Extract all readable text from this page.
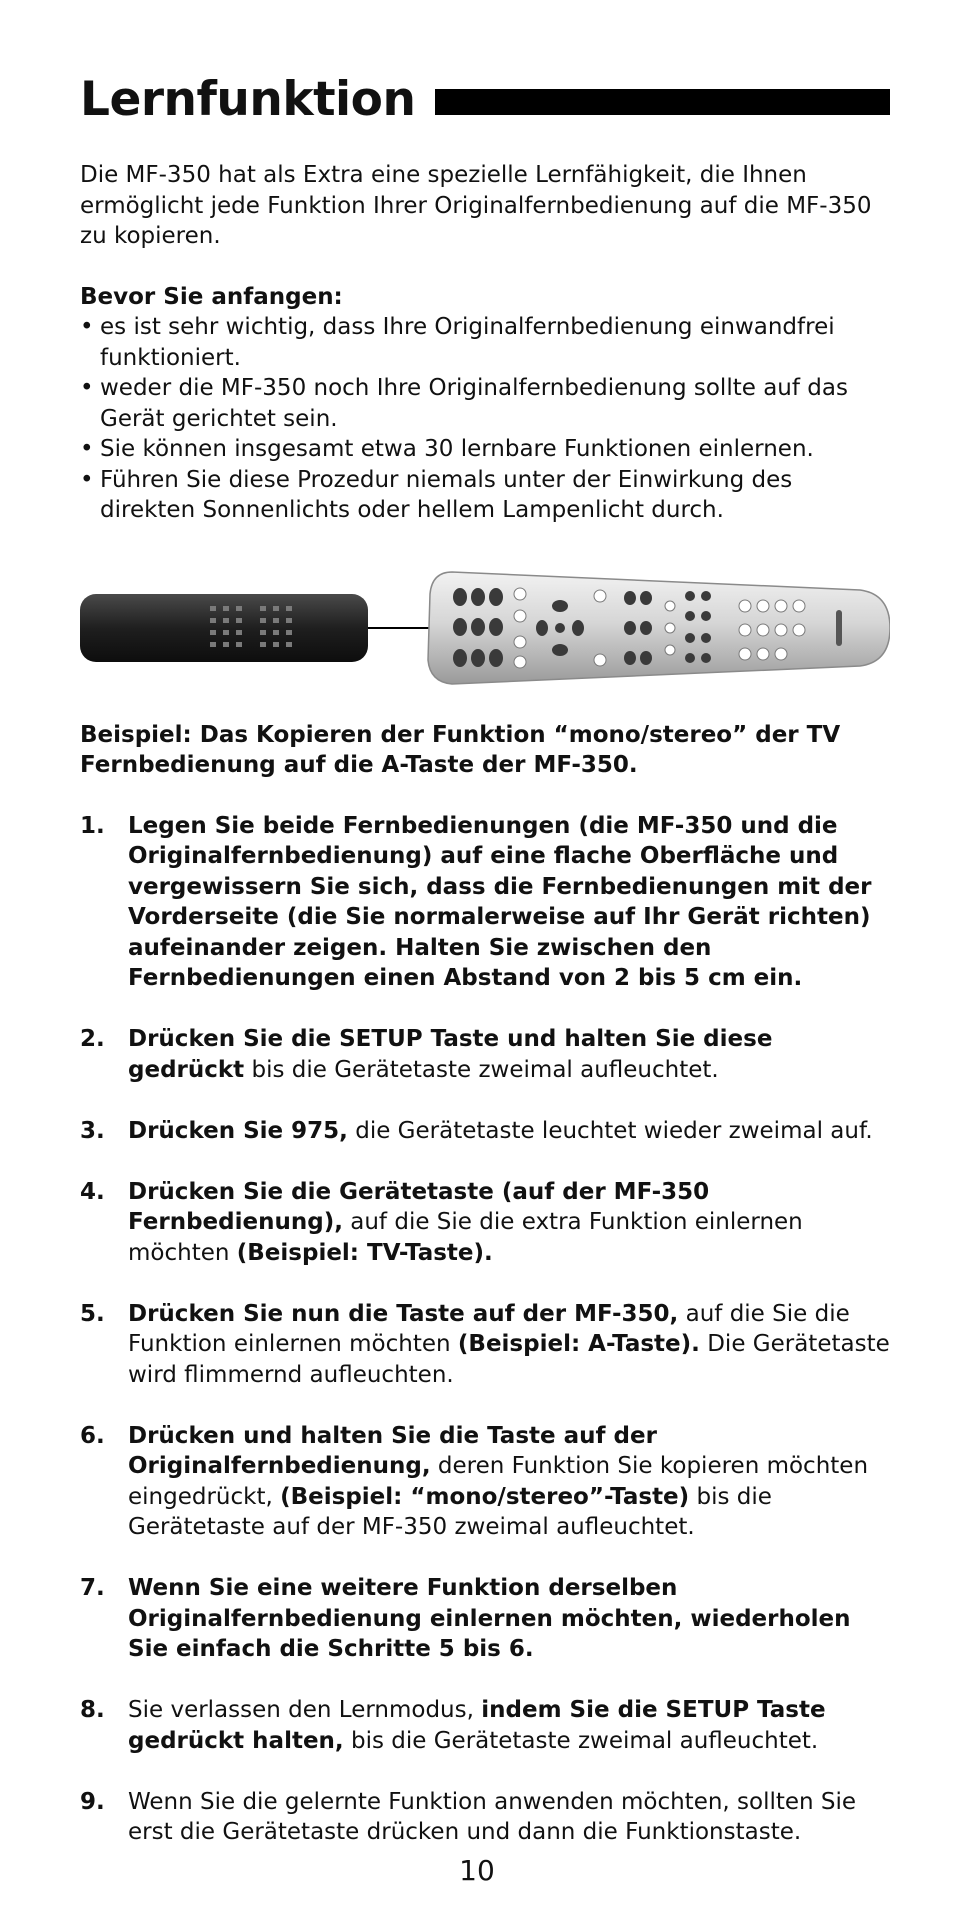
Lernfunktion

Die MF-350 hat als Extra eine spezielle Lernfähigkeit, die Ihnen ermöglicht jede Funktion Ihrer Originalfernbedienung auf die MF-350 zu kopieren.

Bevor Sie anfangen:
• es ist sehr wichtig, dass Ihre Originalfernbedienung einwandfrei funktioniert.
• weder die MF-350 noch Ihre Originalfernbedienung sollte auf das Gerät gerichtet sein.
• Sie können insgesamt etwa 30 lernbare Funktionen einlernen.
• Führen Sie diese Prozedur niemals unter der Einwirkung des direkten Sonnenlichts oder hellem Lampenlicht durch.
Beispiel: Das Kopieren der Funktion “mono/stereo” der TV Fernbedienung auf die A-Taste der MF-350.
1. Legen Sie beide Fernbedienungen (die MF-350 und die Originalfernbedienung) auf eine flache Oberfläche und vergewissern Sie sich, dass die Fernbedienungen mit der Vorderseite (die Sie normalerweise auf Ihr Gerät richten) aufeinander zeigen. Halten Sie zwischen den Fernbedienungen einen Abstand von 2 bis 5 cm ein.
2. Drücken Sie die SETUP Taste und halten Sie diese gedrückt bis die Gerätetaste zweimal aufleuchtet.
3. Drücken Sie 975, die Gerätetaste leuchtet wieder zweimal auf.
4. Drücken Sie die Gerätetaste (auf der MF-350 Fernbedienung), auf die Sie die extra Funktion einlernen möchten (Beispiel: TV-Taste).
5. Drücken Sie nun die Taste auf der MF-350, auf die Sie die Funktion einlernen möchten (Beispiel: A-Taste). Die Gerätetaste wird flimmernd aufleuchten.
6. Drücken und halten Sie die Taste auf der Originalfernbedienung, deren Funktion Sie kopieren möchten eingedrückt, (Beispiel: “mono/stereo”-Taste) bis die Gerätetaste auf der MF-350 zweimal aufleuchtet.
7. Wenn Sie eine weitere Funktion derselben Originalfernbedienung einlernen möchten, wiederholen Sie einfach die Schritte 5 bis 6.
8. Sie verlassen den Lernmodus, indem Sie die SETUP Taste gedrückt halten, bis die Gerätetaste zweimal aufleuchtet.
9. Wenn Sie die gelernte Funktion anwenden möchten, sollten Sie erst die Gerätetaste drücken und dann die Funktionstaste.
10
